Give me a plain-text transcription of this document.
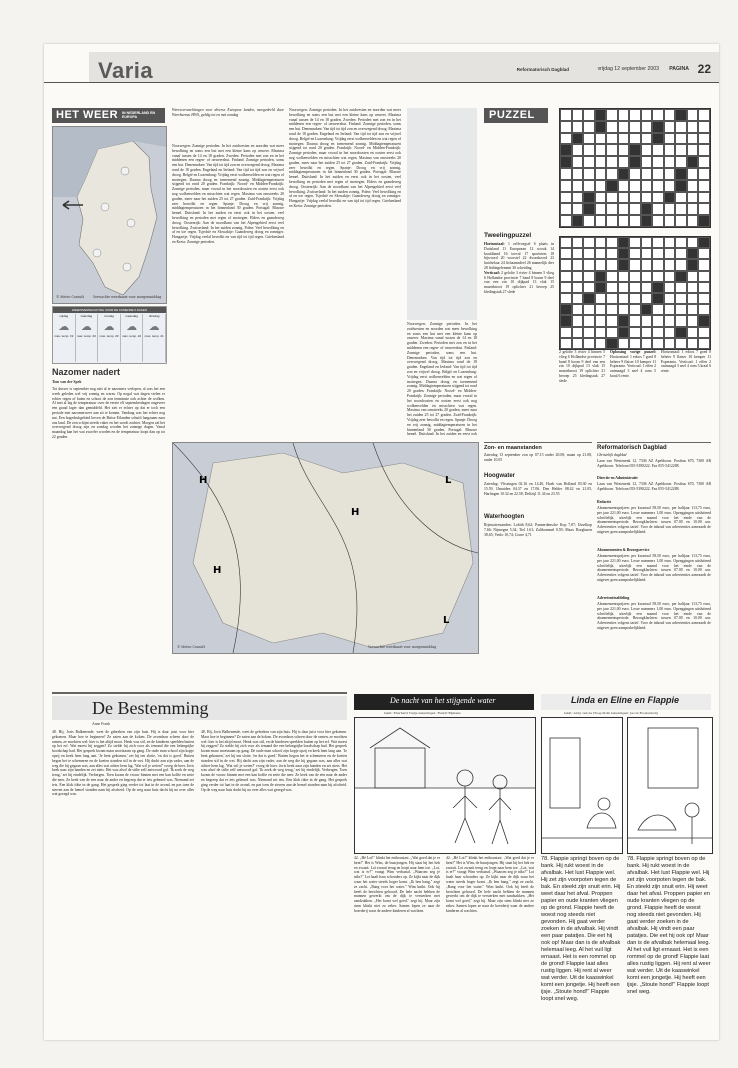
Varia	Reformatorisch Dagblad	vrijdag 12 september 2003 PAGINA 22
HET WEER IN NEDERLAND EN EUROPA
© Meteo Consult	Verwachte weerkaart voor morgenmiddag
WEERSVERWACHTING VOOR DE KOMENDE 5 DAGEN
vrijdag
☁
max. temp. 19
zaterdag
☁
max. temp. 20
zondag
☁
max. temp. 20
maandag
☁
max. temp. 22
dinsdag
☁
max. temp. 21
Nazomer nadert
Tom van der Spek
Tot dusver is september nog niet al te nazomers verlopen, al was het een week geleden wel vrij zonnig en warm. Op nogal wat dagen vielen er echter regen of buien en schoot de zon tenminste ook achter de wolken. Al met al lag de temperatuur over de eerste elf septemberdagen ongeveer een graad lager dan gemiddeld. Het ziet er echter op dat er toch een periode met nazomerweer aan zit te komen. Vandaag was het echter nog nat. Een hogedrukgebied boven de Britse Eilanden schuift langzaam naar ons land. De zon schijnt steeds vaker en het wordt zachter. Morgen zal het overwegend droog zijn en zondag worden het zonnige dagen. Vanaf maandag kan het wat zwoeler worden en de temperatuur loopt dan op tot 22 graden.
Weersverwachtingen voor diverse Europese landen, meegedeeld door Weerbureau HWS, geldig tot en met zondag
Noorwegen: Zonnige perioden. In het zuidwesten en noorden wat meer bewolking en soms een bui met een kleine kans op onweer. Maxima vanaf tussen de 14 en 18 graden. Zweden: Perioden met zon en in het middenen een regen- of onweersbui. Finland: Zonnige perioden, soms een bui. Denemarken: Van tijd tot tijd zon en overwegend droog. Maxima rond de 18 graden. Engeland en Ierland: Van tijd tot tijd zon en vrijwel droog. België en Luxemburg: Vrijdag eerst wolkenvelden en wat regen of motregen. Daarna droog en toenemend zonnig. Middagtemperaturen stijgend tot rond 20 graden. Frankrijk: Noord- en Midden-Frankrijk: Zonnige perioden, maar vooral in het noordoosten en oosten eerst ook nog wolkenvelden en misschien wat regen. Maxima van omstreeks 20 graden, meer naar het zuiden 25 tot 27 graden. Zuid-Frankrijk: Vrijdag zeer bewolkt en regen. Spanje: Droog en vrij zonnig, middagtemperaturen in het binnenland 30 graden. Portugal: Blauwe hemel. Duitsland: In het zuiden en eerst ook in het oosten, veel bewolking en perioden met regen of motregen. Elders en gaandeweg droog. Oostenrijk: Aan de noordkant van het Alpengebied eerst veel bewolking. Zwitserland: In het zuiden zonnig. Polen: Veel bewolking en af en toe regen. Tsjechië en Slowakije: Gaandeweg droog en zonniger. Hongarije: Vrijdag veelal bewolkt en van tijd tot tijd regen. Griekenland en Kreta: Zonnige perioden.
Noorwegen: Zonnige perioden. In het zuidwesten en noorden wat meer bewolking en soms een bui met een kleine kans op onweer. Maxima vanaf tussen de 14 en 18 graden. Zweden: Perioden met zon en in het middenen een regen- of onweersbui. Finland: Zonnige perioden, soms een bui. Denemarken: Van tijd tot tijd zon en overwegend droog. Maxima rond de 18 graden. Engeland en Ierland: Van tijd tot tijd zon en vrijwel droog. België en Luxemburg: Vrijdag eerst wolkenvelden en wat regen of motregen. Daarna droog en toenemend zonnig. Middagtemperaturen stijgend tot rond 20 graden. Frankrijk: Noord- en Midden-Frankrijk: Zonnige perioden, maar vooral in het noordoosten en oosten eerst ook nog wolkenvelden en misschien wat regen. Maxima van omstreeks 20 graden, meer naar het zuiden 25 tot 27 graden. Zuid-Frankrijk: Vrijdag zeer bewolkt en regen. Spanje: Droog en vrij zonnig, middagtemperaturen in het binnenland 30 graden. Portugal: Blauwe hemel. Duitsland: In het zuiden en eerst ook in het oosten, veel bewolking en perioden met regen of motregen. Elders en gaandeweg droog. Oostenrijk: Aan de noordkant van het Alpengebied eerst veel bewolking. Zwitserland: In het zuiden zonnig. Polen: Veel bewolking en af en toe regen. Tsjechië en Slowakije: Gaandeweg droog en zonniger. Hongarije: Vrijdag veelal bewolkt en van tijd tot tijd regen. Griekenland en Kreta: Zonnige perioden.
Noorwegen: Zonnige perioden. In het zuidwesten en noorden wat meer bewolking en soms een bui met een kleine kans op onweer. Maxima vanaf tussen de 14 en 18 graden. Zweden: Perioden met zon en in het middenen een regen- of onweersbui. Finland: Zonnige perioden, soms een bui. Denemarken: Van tijd tot tijd zon en overwegend droog. Maxima rond de 18 graden. Engeland en Ierland: Van tijd tot tijd zon en vrijwel droog. België en Luxemburg: Vrijdag eerst wolkenvelden en wat regen of motregen. Daarna droog en toenemend zonnig. Middagtemperaturen stijgend tot rond 20 graden. Frankrijk: Noord- en Midden-Frankrijk: Zonnige perioden, maar vooral in het noordoosten en oosten eerst ook nog wolkenvelden en misschien wat regen. Maxima van omstreeks 20 graden, meer naar het zuiden 25 tot 27 graden. Zuid-Frankrijk: Vrijdag zeer bewolkt en regen. Spanje: Droog en vrij zonnig, middagtemperaturen in het binnenland 30 graden. Portugal: Blauwe hemel. Duitsland: In het zuiden en eerst ook
H
H
L
L
H
© Meteo Consult	Verwachte weerkaart voor morgenmiddag
PUZZEL
Tweelingpuzzel
Horizontaal: 1 zelfvoegsel 6 plaats in Duitsland 11 Europeaan 12 strook 14 kraaliband 16 toeval 17 sportterm 18 bijwoord 20 voorstel 22 dwarskoord 23 huichelaar 24 lichaamsdeel 26 mannelijk dier 28 leidingelement 30 scheiding
Verticaal: 2 gelofte 3 rivier 4 binnen 5 vlieg 6 Hollandse provincie 7 band 8 boom 9 deel van een zin 10 dijkpad 13 vlak 15 muzieknoot 19 oplichter 21 beroep 25 kledingstuk 27 slede
2 gelofte 3 rivier 4 binnen 5 vlieg 6 Hollandse provincie 7 band 8 boom 9 deel van een zin 10 dijkpad 13 vlak 15 muzieknoot 19 oplichter 21 beroep 25 kledingstuk 27 slede
Oplossing vorige puzzel: Horizontaal: 1 edoos 7 goed 8 beheer 9 flaiser 10 kemper 11 Esperanto. Verticaal: 1 effen 2 ontmaagd 3 snel 4 oom 5 kraal 6 rente.
Horizontaal: 1 edoos 7 goed 8 beheer 9 flaiser 10 kemper 11 Esperanto. Verticaal: 1 effen 2 ontmaagd 3 snel 4 oom 5 kraal 6 rente.
Zon- en maanstanden
Zaterdag 13 september zon op 07.15 onder 20.00; maan op 21.08, onder 10.05
Hoogwater
Zaterdag: Vlissingen 02.16 en 14.40, Hoek van Holland 03.30 en 15.59, IJmuiden 04.37 en 17.06, Den Helder 08.42 en 21.05, Harlingen 10.32 en 22.58, Delfzijl 11.34 en 23.55
Waterhoogten
Rijnwaterstanden: Lobith 8,62; Pannerdensche Kop 7,87; IJsselkop 7,66; Nijmegen 5,34; Tiel 1,61; Zaltbommel 0,59; Maas: Borgharen 38,65; Venlo 10,74; Grave 4,71
Reformatorisch Dagblad
Christelijk dagblad
Laan van Westenenk 12, 7336 AZ Apeldoorn. Postbus 670, 7300 AR Apeldoorn. Telefoon 055-5390222. Fax 055-5412288.
Directie en Administratie
Laan van Westenenk 12, 7336 AZ Apeldoorn. Postbus 670, 7300 AR Apeldoorn. Telefoon 055-5390222. Fax 055-5412288.
Redactie
Abonnementsprijzen: per kwartaal 58,50 euro, per halfjaar 113,75 euro, per jaar 221,00 euro. Losse nummers 1,00 euro. Opzeggingen uitsluitend schriftelijk, uiterlijk een maand voor het einde van de abonnementsperiode. Bezorgklachten: tussen 07.00 en 10.00 uur. Advertenties volgens tarief. Voor de inhoud van advertenties aanvaardt de uitgever geen aansprakelijkheid.
Abonnementen & Bezorgservice
Abonnementsprijzen: per kwartaal 58,50 euro, per halfjaar 113,75 euro, per jaar 221,00 euro. Losse nummers 1,00 euro. Opzeggingen uitsluitend schriftelijk, uiterlijk een maand voor het einde van de abonnementsperiode. Bezorgklachten: tussen 07.00 en 10.00 uur. Advertenties volgens tarief. Voor de inhoud van advertenties aanvaardt de uitgever geen aansprakelijkheid.
Advertentieafdeling
Abonnementsprijzen: per kwartaal 58,50 euro, per halfjaar 113,75 euro, per jaar 221,00 euro. Losse nummers 1,00 euro. Opzeggingen uitsluitend schriftelijk, uiterlijk een maand voor het einde van de abonnementsperiode. Bezorgklachten: tussen 07.00 en 10.00 uur. Advertenties volgens tarief. Voor de inhoud van advertenties aanvaardt de uitgever geen aansprakelijkheid.
De Bestemming
Anne Frank
48. Hij, Joris Balkenende, weet de gebreken van zijn huis. Hij is daar juist voor hier gekomen. Maar hoe te beginnen? Ze zaten aan de kolom. De avondzon scheen door de ramen, ze mochten wel: hier is het altijd mooi. Henk was stil, en de kinderen speelden buiten op het erf. Wat moest hij zeggen? Zo stelde hij zich voor als iemand die een belangrijke boodschap had. Het gesprek kwam maar moeizaam op gang. De oude man schoof zijn kopje opzij en keek hem lang aan. 'Je bent gekomen,' zei hij ten slotte, 'en dat is goed.' Buiten begon het te schemeren en de koeien stonden stil in de wei. Hij dacht aan zijn vader, aan de weg die hij gegaan was, aan alles wat achter hem lag. 'Wat wil je weten?' vroeg de boer. Joris keek naar zijn handen en zei niets. Het was alsof de stilte zelf antwoord gaf. 'Ik zoek de weg terug,' zei hij eindelijk. Verbergen. Toen kwam de vrouw binnen met een kan koffie en zette die neer. Ze keek van de een naar de ander en begreep dat er iets gebeurd was. Niemand zei iets. Een klok tikte in de gang. Het gesprek ging verder tot laat in de avond, en pas toen de sterren aan de hemel stonden nam hij afscheid. Op de weg naar huis dacht hij na over alles wat gezegd was.
48. Hij, Joris Balkenende, weet de gebreken van zijn huis. Hij is daar juist voor hier gekomen. Maar hoe te beginnen? Ze zaten aan de kolom. De avondzon scheen door de ramen, ze mochten wel: hier is het altijd mooi. Henk was stil, en de kinderen speelden buiten op het erf. Wat moest hij zeggen? Zo stelde hij zich voor als iemand die een belangrijke boodschap had. Het gesprek kwam maar moeizaam op gang. De oude man schoof zijn kopje opzij en keek hem lang aan. 'Je bent gekomen,' zei hij ten slotte, 'en dat is goed.' Buiten begon het te schemeren en de koeien stonden stil in de wei. Hij dacht aan zijn vader, aan de weg die hij gegaan was, aan alles wat achter hem lag. 'Wat wil je weten?' vroeg de boer. Joris keek naar zijn handen en zei niets. Het was alsof de stilte zelf antwoord gaf. 'Ik zoek de weg terug,' zei hij eindelijk. Verbergen. Toen kwam de vrouw binnen met een kan koffie en zette die neer. Ze keek van de een naar de ander en begreep dat er iets gebeurd was. Niemand zei iets. Een klok tikte in de gang. Het gesprek ging verder tot laat in de avond, en pas toen de sterren aan de hemel stonden nam hij afscheid. Op de weg naar huis dacht hij na over alles wat gezegd was.
De nacht van het stijgende water
tekst: Eberhard Tietje tekeningen: Rudolf Bijmans
42. „Hé Lot!" klinkt het enthousiast. „Wat goed dat je er bent!" Het is Wim, de buurjongen. Hij staat bij het hek en zwaait. Lot zwaait terug en loopt naar hem toe. „Lot, wat is er?" vraagt Wim verbaasd. „Waarom zeg je niks?" Lot haalt haar schouders op. Ze kijkt naar de dijk waar het water steeds hoger komt. „Ik ben bang," zegt ze zacht. „Bang voor het water." Wim knikt. Ook hij heeft de berichten gehoord. De hele nacht hebben de mannen gewerkt om de dijk te versterken met zandzakken. „Het komt wel goed," zegt hij. Maar zijn stem klinkt niet zo zeker. Samen lopen ze naar de boerderij waar de andere kinderen al wachten.
42. „Hé Lot!" klinkt het enthousiast. „Wat goed dat je er bent!" Het is Wim, de buurjongen. Hij staat bij het hek en zwaait. Lot zwaait terug en loopt naar hem toe. „Lot, wat is er?" vraagt Wim verbaasd. „Waarom zeg je niks?" Lot haalt haar schouders op. Ze kijkt naar de dijk waar het water steeds hoger komt. „Ik ben bang," zegt ze zacht. „Bang voor het water." Wim knikt. Ook hij heeft de berichten gehoord. De hele nacht hebben de mannen gewerkt om de dijk te versterken met zandzakken. „Het komt wel goed," zegt hij. Maar zijn stem klinkt niet zo zeker. Samen lopen ze naar de boerderij waar de andere kinderen al wachten.
Linda en Eline en Flappie
tekst: Anny van de Hoog-Stolk tekeningen: Jacob Roodenburg
78. Flappie springt boven op de bank. Hij rukt woest in de afvalbak. Het lust Flappie wel. Hij zet zijn voorpoten tegen de bak. En steekt zijn snuit erin. Hij weet daar het afval. Proppen papier en oude kranten vliegen op de grond. Flappie heeft de woest nog steeds niet gevonden. Hij gaat verder zoeken in de afvalbak. Hij vindt een paar patatjes. Die eet hij ook op! Maar dan is de afvalbak helemaal leeg. Al het vuil ligt ernaast. Het is een rommel op de grond! Flappie laat alles rustig liggen. Hij rent al weer wat verder. Uit de kaaswinkel komt een jongetje. Hij heeft een ijsje. „Stoute hond!" Flappie loopt snel weg.
78. Flappie springt boven op de bank. Hij rukt woest in de afvalbak. Het lust Flappie wel. Hij zet zijn voorpoten tegen de bak. En steekt zijn snuit erin. Hij weet daar het afval. Proppen papier en oude kranten vliegen op de grond. Flappie heeft de woest nog steeds niet gevonden. Hij gaat verder zoeken in de afvalbak. Hij vindt een paar patatjes. Die eet hij ook op! Maar dan is de afvalbak helemaal leeg. Al het vuil ligt ernaast. Het is een rommel op de grond! Flappie laat alles rustig liggen. Hij rent al weer wat verder. Uit de kaaswinkel komt een jongetje. Hij heeft een ijsje. „Stoute hond!" Flappie loopt snel weg.
